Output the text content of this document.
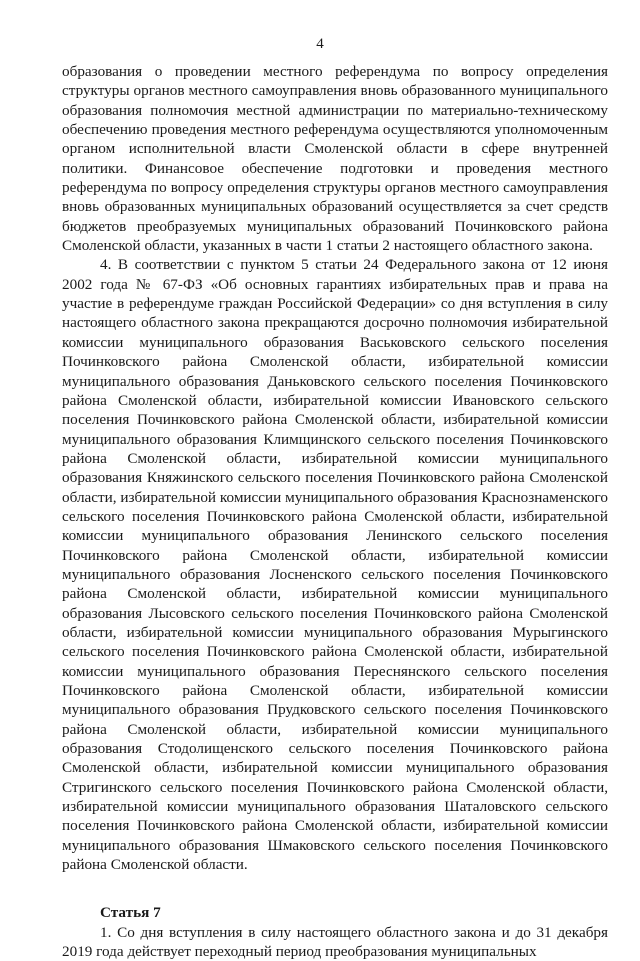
4

образования о проведении местного референдума по вопросу определения структуры органов местного самоуправления вновь образованного муниципального образования полномочия местной администрации по материально-техническому обеспечению проведения местного референдума осуществляются уполномоченным органом исполнительной власти Смоленской области в сфере внутренней политики. Финансовое обеспечение подготовки и проведения местного референдума по вопросу определения структуры органов местного самоуправления вновь образованных муниципальных образований осуществляется за счет средств бюджетов преобразуемых муниципальных образований Починковского района Смоленской области, указанных в части 1 статьи 2 настоящего областного закона.

4. В соответствии с пунктом 5 статьи 24 Федерального закона от 12 июня 2002 года № 67-ФЗ «Об основных гарантиях избирательных прав и права на участие в референдуме граждан Российской Федерации» со дня вступления в силу настоящего областного закона прекращаются досрочно полномочия избирательной комиссии муниципального образования Васьковского сельского поселения Починковского района Смоленской области, избирательной комиссии муниципального образования Даньковского сельского поселения Починковского района Смоленской области, избирательной комиссии Ивановского сельского поселения Починковского района Смоленской области, избирательной комиссии муниципального образования Климщинского сельского поселения Починковского района Смоленской области, избирательной комиссии муниципального образования Княжинского сельского поселения Починковского района Смоленской области, избирательной комиссии муниципального образования Краснознаменского сельского поселения Починковского района Смоленской области, избирательной комиссии муниципального образования Ленинского сельского поселения Починковского района Смоленской области, избирательной комиссии муниципального образования Лосненского сельского поселения Починковского района Смоленской области, избирательной комиссии муниципального образования Лысовского сельского поселения Починковского района Смоленской области, избирательной комиссии муниципального образования Мурыгинского сельского поселения Починковского района Смоленской области, избирательной комиссии муниципального образования Переснянского сельского поселения Починковского района Смоленской области, избирательной комиссии муниципального образования Прудковского сельского поселения Починковского района Смоленской области, избирательной комиссии муниципального образования Стодолищенского сельского поселения Починковского района Смоленской области, избирательной комиссии муниципального образования Стригинского сельского поселения Починковского района Смоленской области, избирательной комиссии муниципального образования Шаталовского сельского поселения Починковского района Смоленской области, избирательной комиссии муниципального образования Шмаковского сельского поселения Починковского района Смоленской области.

Статья 7

1. Со дня вступления в силу настоящего областного закона и до 31 декабря 2019 года действует переходный период преобразования муниципальных
